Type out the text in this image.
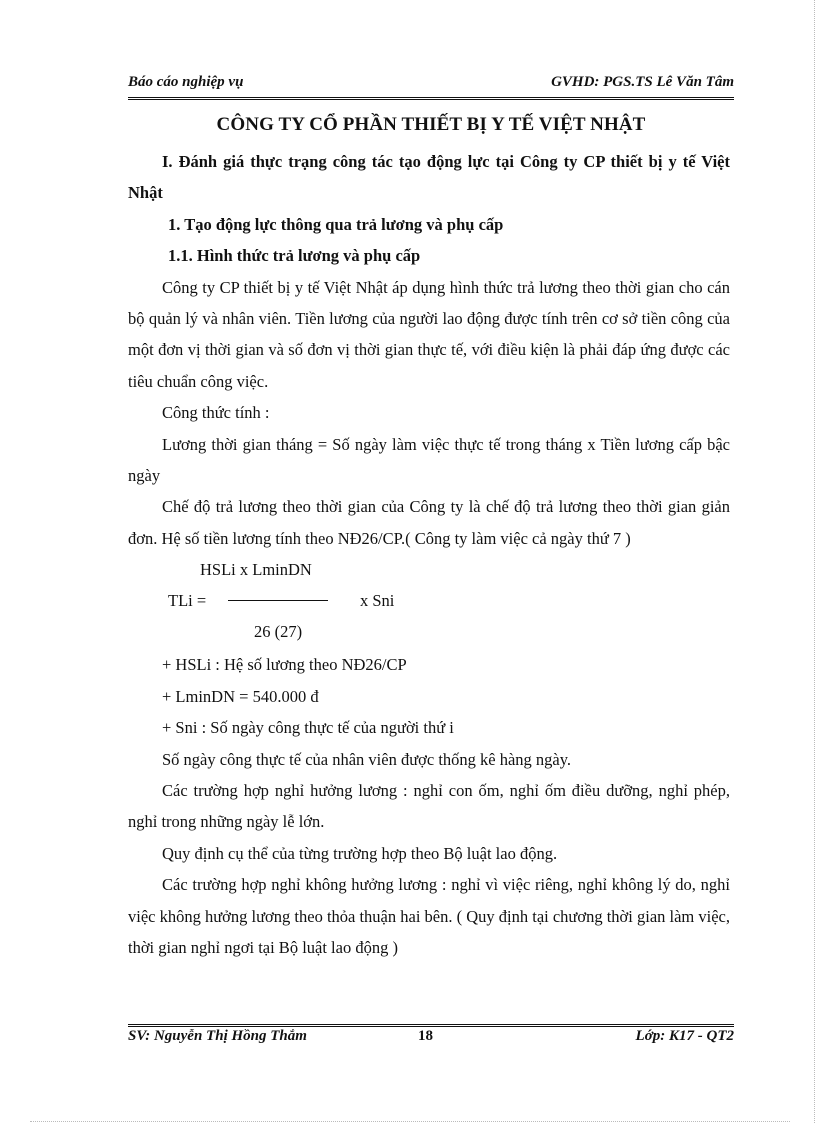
Báo cáo nghiệp vụ	GVHD: PGS.TS Lê Văn Tâm
CÔNG TY CỔ PHẦN THIẾT BỊ Y TẾ VIỆT NHẬT

I. Đánh giá thực trạng công tác tạo động lực tại Công ty CP thiết bị y tế Việt Nhật

1. Tạo động lực thông qua trả lương và phụ cấp

1.1. Hình thức trả lương và phụ cấp

Công ty CP thiết bị y tế Việt Nhật áp dụng hình thức trả lương theo thời gian cho cán bộ quản lý và nhân viên. Tiền lương của người lao động được tính trên cơ sở tiền công của một đơn vị thời gian và số đơn vị thời gian thực tế, với điều kiện là phải đáp ứng được các tiêu chuẩn công việc.

Công thức tính :

Lương thời gian tháng = Số ngày làm việc thực tế trong tháng x Tiền lương cấp bậc ngày

Chế độ trả lương theo thời gian của Công ty là chế độ trả lương theo thời gian giản đơn. Hệ số tiền lương tính theo NĐ26/CP.( Công ty làm việc cả ngày thứ 7 )

HSLi x LminDN
TLi =	x Sni
26 (27)

+ HSLi : Hệ số lương theo NĐ26/CP

+ LminDN = 540.000 đ

+ Sni : Số ngày công thực tế của người thứ i

Số ngày công thực tế của nhân viên được thống kê hàng ngày.

Các trường hợp nghỉ hưởng lương : nghỉ con ốm, nghỉ ốm điều dưỡng, nghỉ phép, nghỉ trong những ngày lễ lớn.

Quy định cụ thể của từng trường hợp theo Bộ luật lao động.

Các trường hợp nghỉ không hưởng lương : nghỉ vì việc riêng, nghỉ không lý do, nghỉ việc không hưởng lương theo thỏa thuận hai bên. ( Quy định tại chương thời gian làm việc, thời gian nghỉ ngơi tại Bộ luật lao động )

SV: Nguyễn Thị Hồng Thắm	18	Lớp: K17 - QT2
